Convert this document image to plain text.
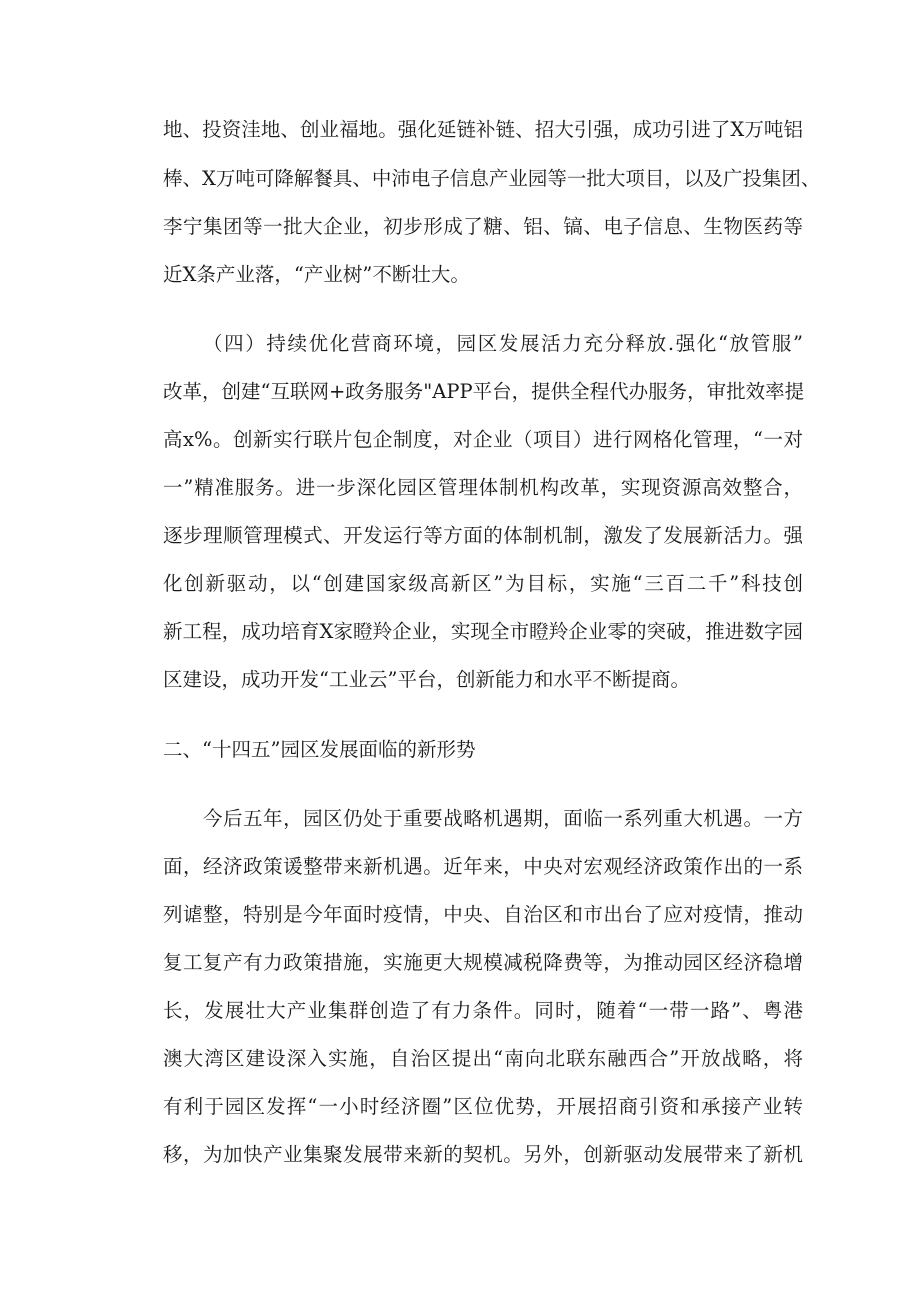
地、投资洼地、创业福地。强化延链补链、招大引强，成功引进了X万吨铝
棒、X万吨可降解餐具、中沛电子信息产业园等一批大项目，以及广投集团、
李宁集团等一批大企业，初步形成了糖、铝、镐、电子信息、生物医药等
近X条产业落，“产业树”不断壮大。
（四）持续优化营商环境，园区发展活力充分释放.强化“放管服”
改革，创建“互联网+政务服务"APP平台，提供全程代办服务，审批效率提
高x%。创新实行联片包企制度，对企业（项目）进行网格化管理，“一对
一”精准服务。进一步深化园区管理体制机构改革，实现资源高效整合，
逐步理顺管理模式、开发运行等方面的体制机制，激发了发展新活力。强
化创新驱动，以“创建国家级高新区”为目标，实施“三百二千”科技创
新工程，成功培育X家瞪羚企业，实现全市瞪羚企业零的突破，推进数字园
区建设，成功开发“工业云”平台，创新能力和水平不断提商。
二、“十四五”园区发展面临的新形势
今后五年，园区仍处于重要战略机遇期，面临一系列重大机遇。一方
面，经济政策谖整带来新机遇。近年来，中央对宏观经济政策作出的一系
列谑整，特别是今年面时疫情，中央、自治区和市出台了应对疫情，推动
复工复产有力政策措施，实施更大规模减税降费等，为推动园区经济稳增
长，发展壮大产业集群创造了有力条件。同时，随着“一带一路”、粤港
澳大湾区建设深入实施，自治区提出“南向北联东融西合”开放战略，将
有利于园区发挥“一小时经济圈”区位优势，开展招商引资和承接产业转
移，为加快产业集聚发展带来新的契机。另外，创新驱动发展带来了新机
